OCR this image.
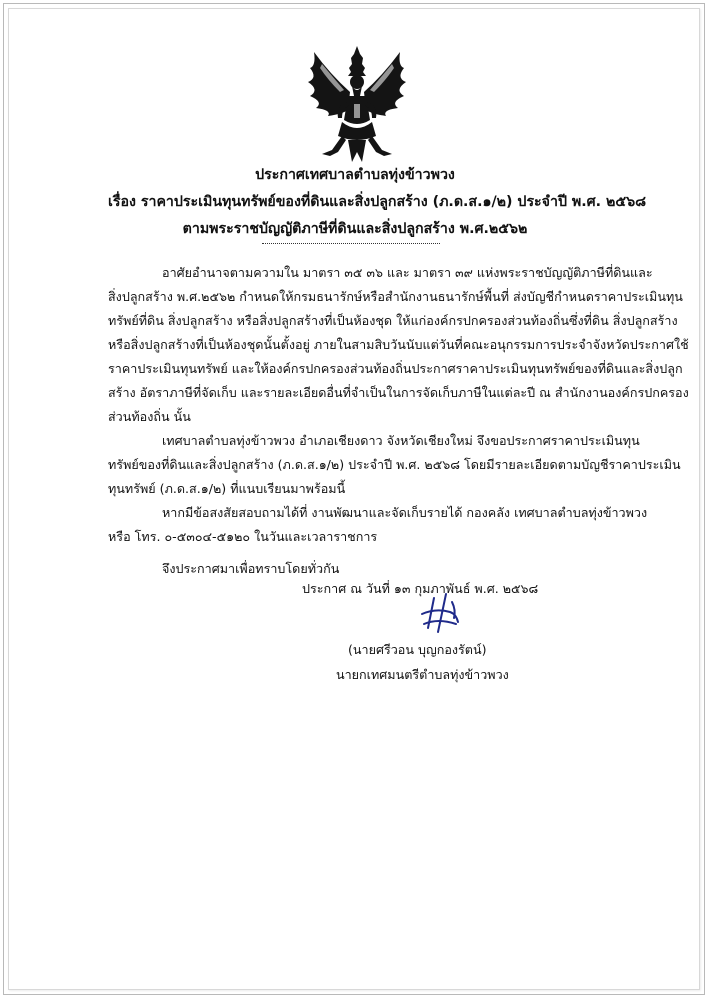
ประกาศเทศบาลตำบลทุ่งข้าวพวง
เรื่อง ราคาประเมินทุนทรัพย์ของที่ดินและสิ่งปลูกสร้าง (ภ.ด.ส.๑/๒) ประจำปี พ.ศ. ๒๕๖๘
ตามพระราชบัญญัติภาษีที่ดินและสิ่งปลูกสร้าง พ.ศ.๒๕๖๒
อาศัยอำนาจตามความใน มาตรา ๓๕ ๓๖ และ มาตรา ๓๙ แห่งพระราชบัญญัติภาษีที่ดินและ
สิ่งปลูกสร้าง พ.ศ.๒๕๖๒ กำหนดให้กรมธนารักษ์หรือสำนักงานธนารักษ์พื้นที่ ส่งบัญชีกำหนดราคาประเมินทุน
ทรัพย์ที่ดิน สิ่งปลูกสร้าง หรือสิ่งปลูกสร้างที่เป็นห้องชุด ให้แก่องค์กรปกครองส่วนท้องถิ่นซึ่งที่ดิน สิ่งปลูกสร้าง
หรือสิ่งปลูกสร้างที่เป็นห้องชุดนั้นตั้งอยู่ ภายในสามสิบวันนับแต่วันที่คณะอนุกรรมการประจำจังหวัดประกาศใช้
ราคาประเมินทุนทรัพย์ และให้องค์กรปกครองส่วนท้องถิ่นประกาศราคาประเมินทุนทรัพย์ของที่ดินและสิ่งปลูก
สร้าง อัตราภาษีที่จัดเก็บ และรายละเอียดอื่นที่จำเป็นในการจัดเก็บภาษีในแต่ละปี ณ สำนักงานองค์กรปกครอง
ส่วนท้องถิ่น นั้น
เทศบาลตำบลทุ่งข้าวพวง อำเภอเชียงดาว จังหวัดเชียงใหม่ จึงขอประกาศราคาประเมินทุน
ทรัพย์ของที่ดินและสิ่งปลูกสร้าง (ภ.ด.ส.๑/๒) ประจำปี พ.ศ. ๒๕๖๘ โดยมีรายละเอียดตามบัญชีราคาประเมิน
ทุนทรัพย์ (ภ.ด.ส.๑/๒) ที่แนบเรียนมาพร้อมนี้
หากมีข้อสงสัยสอบถามได้ที่ งานพัฒนาและจัดเก็บรายได้ กองคลัง เทศบาลตำบลทุ่งข้าวพวง
หรือ โทร. ๐-๕๓๐๔-๕๑๒๐ ในวันและเวลาราชการ
จึงประกาศมาเพื่อทราบโดยทั่วกัน
ประกาศ ณ วันที่ ๑๓ กุมภาพันธ์ พ.ศ. ๒๕๖๘
(นายศรีวอน บุญกองรัตน์)
นายกเทศมนตรีตำบลทุ่งข้าวพวง
